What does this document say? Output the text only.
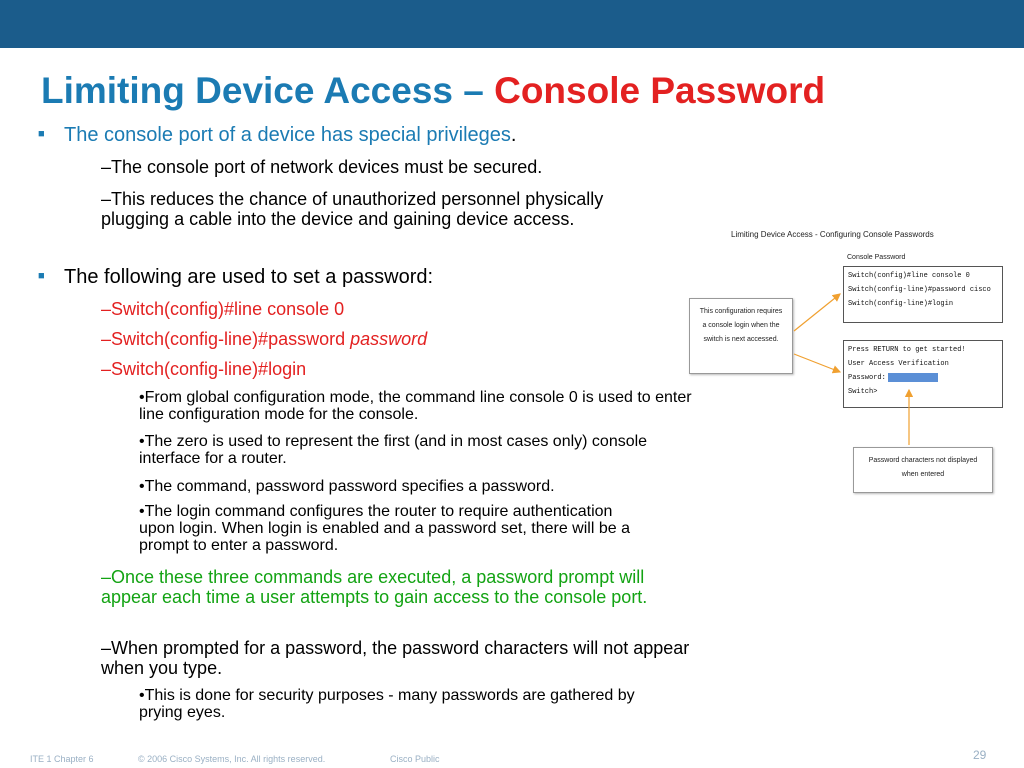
Limiting Device Access – Console Password
■ The console port of a device has special privileges.
–The console port of network devices must be secured.
–This reduces the chance of unauthorized personnel physically plugging a cable into the device and gaining device access.
■ The following are used to set a password:
–Switch(config)#line console 0
–Switch(config-line)#password password
–Switch(config-line)#login
•From global configuration mode, the command line console 0 is used to enter line configuration mode for the console.
•The zero is used to represent the first (and in most cases only) console interface for a router.
•The command, password password specifies a password.
•The login command configures the router to require authentication upon login. When login is enabled and a password set, there will be a prompt to enter a password.
–Once these three commands are executed, a password prompt will appear each time a user attempts to gain access to the console port.
–When prompted for a password, the password characters will not appear when you type.
•This is done for security purposes - many passwords are gathered by prying eyes.
Limiting Device Access - Configuring Console Passwords
Console Password
Switch(config)#line console 0
Switch(config-line)#password cisco
Switch(config-line)#login
Press RETURN to get started!
User Access Verification
Password:
Switch>
This configuration requires
a console login when the
switch is next accessed.
Password characters not displayed
when entered
ITE 1 Chapter 6	© 2006 Cisco Systems, Inc. All rights reserved.	Cisco Public	29
